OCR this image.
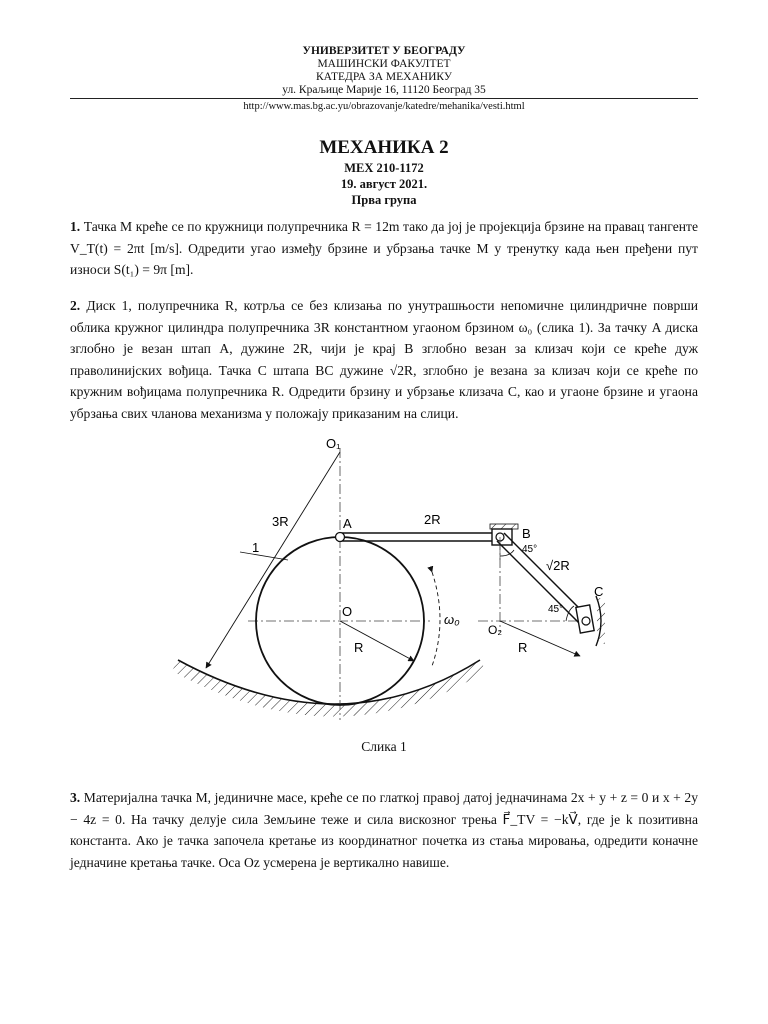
УНИВЕРЗИТЕТ У БЕОГРАДУ
МАШИНСКИ ФАКУЛТЕТ
КАТЕДРА ЗА МЕХАНИКУ
ул. Краљице Марије 16, 11120 Београд 35
http://www.mas.bg.ac.yu/obrazovanje/katedre/mehanika/vesti.html
МЕХАНИКА 2
МЕХ 210-1172
19. август 2021.
Прва група
1. Тачка M креће се по кружници полупречника R = 12m тако да јој је пројекција брзине на правац тангенте V_T(t) = 2πt [m/s]. Одредити угао између брзине и убрзања тачке M у тренутку када њен пређени пут износи S(t₁) = 9π [m].
2. Диск 1, полупречника R, котрља се без клизања по унутрашњости непомичне цилиндричне површи облика кружног цилиндра полупречника 3R константном угаоном брзином ω₀ (слика 1). За тачку A диска зглобно је везан штап A, дужине 2R, чији је крај B зглобно везан за клизач који се креће дуж праволинијских вођица. Тачка C штапа BC дужине √2R, зглобно је везана за клизач који се креће по кружним вођицама полупречника R. Одредити брзину и убрзање клизача C, као и угаоне брзине и угаона убрзања свих чланова механизма у положају приказаним на слици.
O₁
3R	A	2R
B
45°
1
√2R
C
O
ω₀
45°
O₂
R	R
Слика 1
3. Материјална тачка M, јединичне масе, креће се по глаткој правој датој једначинама 2x + y + z = 0 и x + 2y − 4z = 0. На тачку делује сила Земљине теже и сила вискозног трења F⃗_TV = −kV⃗, где је k позитивна константа. Ако је тачка започела кретање из координатног почетка из стања мировања, одредити коначне једначине кретања тачке. Оса Oz усмерена је вертикално навише.
